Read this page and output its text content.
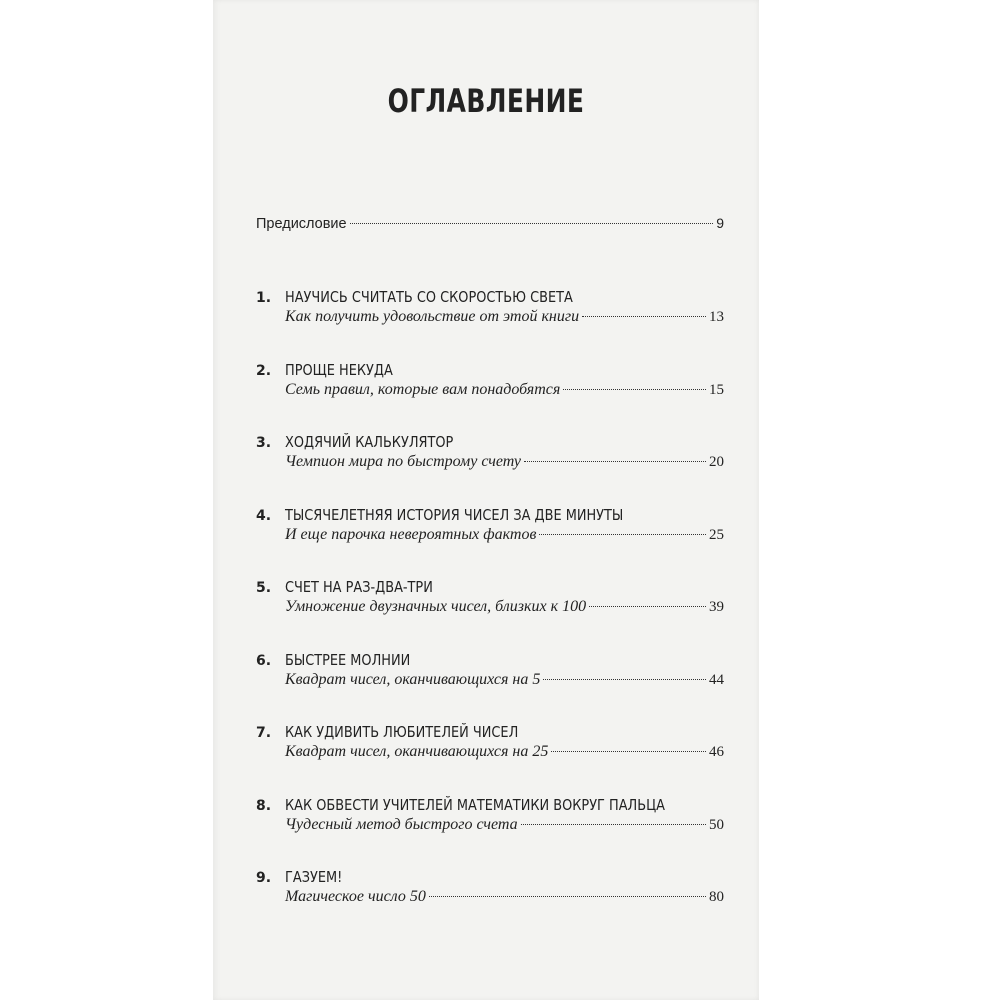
ОГЛАВЛЕНИЕ
Предисловие	9
1. НАУЧИСЬ СЧИТАТЬ СО СКОРОСТЬЮ СВЕТА
Как получить удовольствие от этой книги	13
2. ПРОЩЕ НЕКУДА
Семь правил, которые вам понадобятся	15
3. ХОДЯЧИЙ КАЛЬКУЛЯТОР
Чемпион мира по быстрому счету	20
4. ТЫСЯЧЕЛЕТНЯЯ ИСТОРИЯ ЧИСЕЛ ЗА ДВЕ МИНУТЫ
И еще парочка невероятных фактов	25
5. СЧЕТ НА РАЗ-ДВА-ТРИ
Умножение двузначных чисел, близких к 100	39
6. БЫСТРЕЕ МОЛНИИ
Квадрат чисел, оканчивающихся на 5	44
7. КАК УДИВИТЬ ЛЮБИТЕЛЕЙ ЧИСЕЛ
Квадрат чисел, оканчивающихся на 25	46
8. КАК ОБВЕСТИ УЧИТЕЛЕЙ МАТЕМАТИКИ ВОКРУГ ПАЛЬЦА
Чудесный метод быстрого счета	50
9. ГАЗУЕМ!
Магическое число 50	80
